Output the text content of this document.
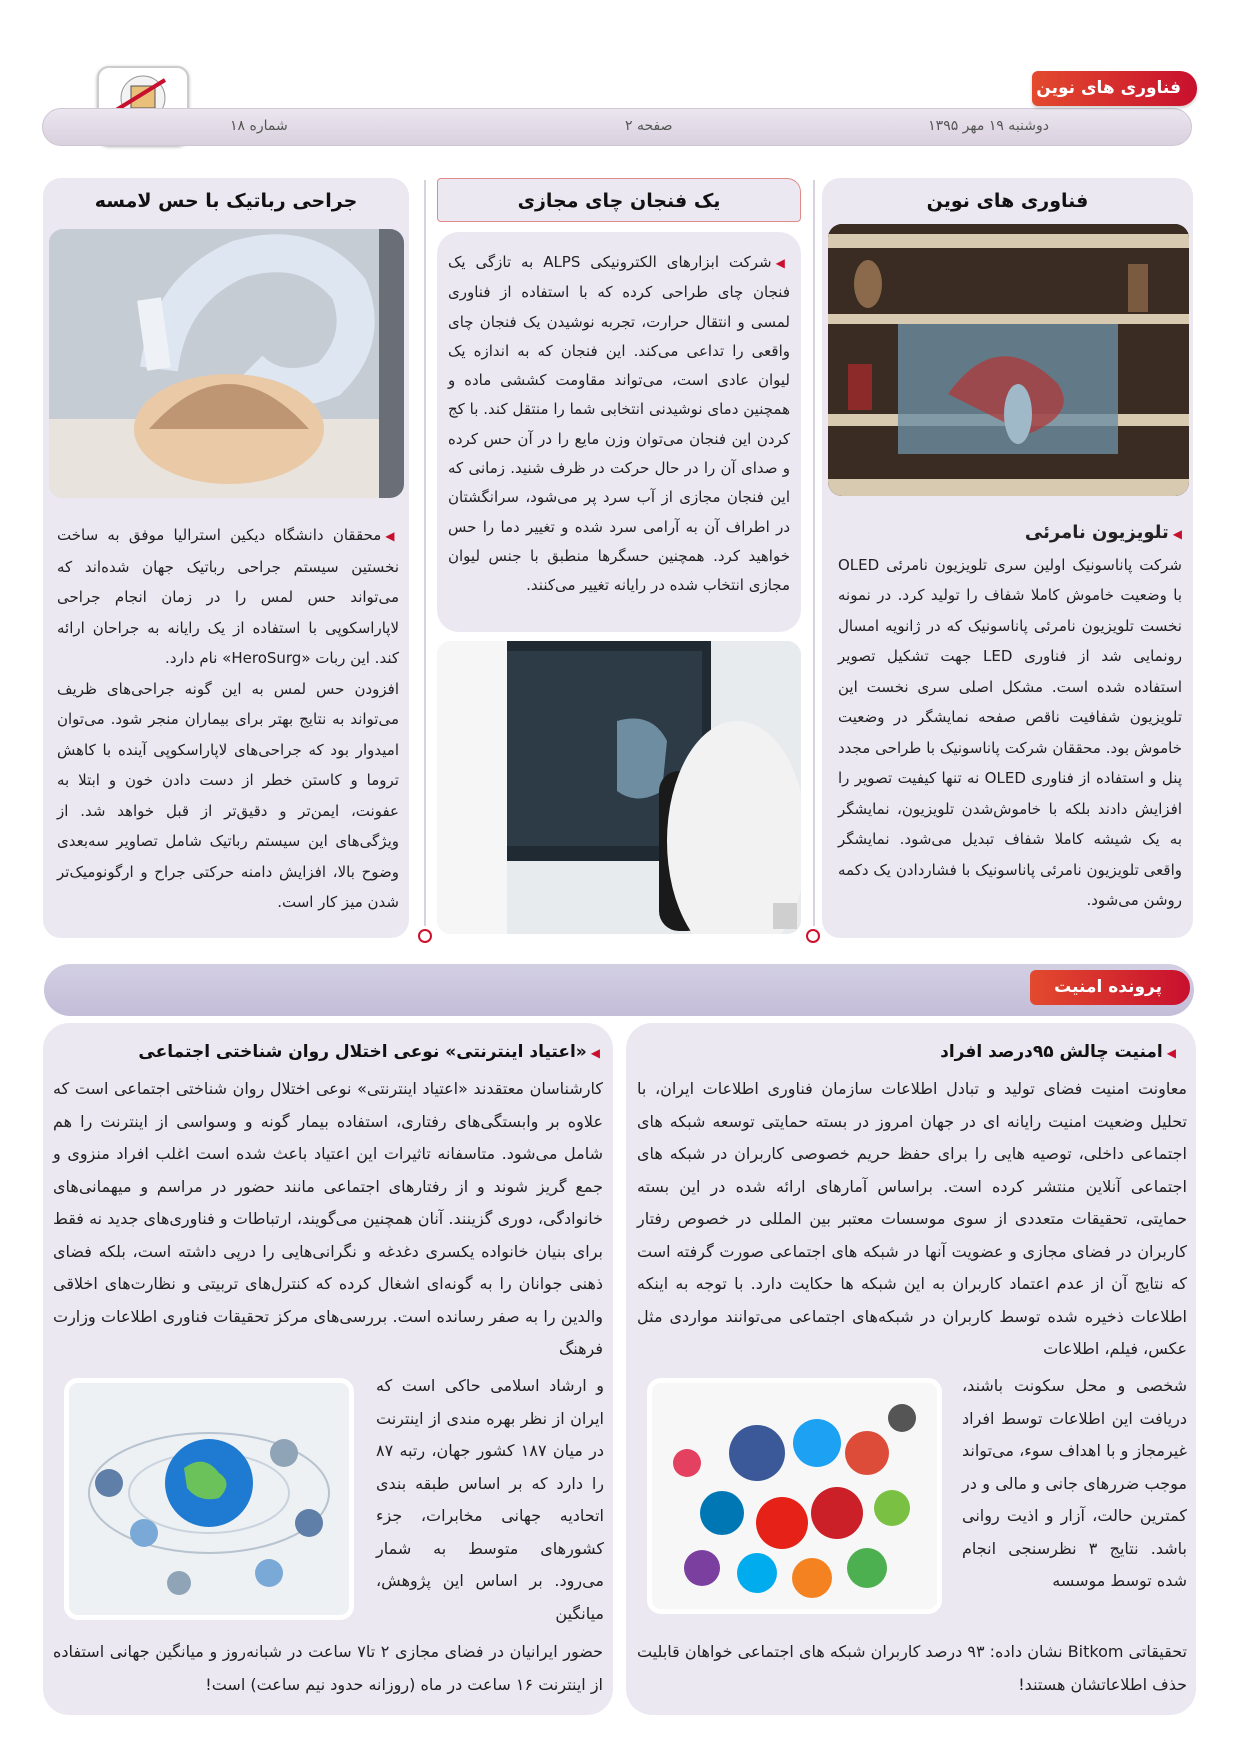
دوشنبه ۱۹ مهر ۱۳۹۵
صفحه ۲
شماره ۱۸
فناوری های نوین
فناوری های نوین

◀تلویزیون نامرئی

شرکت پاناسونیک اولین سری تلویزیون نامرئی OLED با وضعیت خاموش کاملا شفاف را تولید کرد. در نمونه نخست تلویزیون نامرئی پاناسونیک که در ژانویه امسال رونمایی شد از فناوری LED جهت تشکیل تصویر استفاده شده است. مشکل اصلی سری نخست این تلویزیون شفافیت ناقص صفحه نمایشگر در وضعیت خاموش بود. محققان شرکت پاناسونیک با طراحی مجدد پنل و استفاده از فناوری OLED نه تنها کیفیت تصویر را افزایش دادند بلکه با خاموش‌شدن تلویزیون، نمایشگر به یک شیشه کاملا شفاف تبدیل می‌شود. نمایشگر واقعی تلویزیون نامرئی پاناسونیک با فشاردادن یک دکمه روشن می‌شود.

یک فنجان چای مجازی

◀شرکت ابزارهای الکترونیکی ALPS به تازگی یک فنجان چای طراحی کرده که با استفاده از فناوری لمسی و انتقال حرارت، تجربه نوشیدن یک فنجان چای واقعی را تداعی می‌کند. این فنجان که به اندازه یک لیوان عادی است، می‌تواند مقاومت کششی ماده و همچنین دمای نوشیدنی انتخابی شما را منتقل کند. با کج کردن این فنجان می‌توان وزن مایع را در آن حس کرده و صدای آن را در حال حرکت در ظرف شنید. زمانی که این فنجان مجازی از آب سرد پر می‌شود، سرانگشتان در اطراف آن به آرامی سرد شده و تغییر دما را حس خواهید کرد. همچنین حسگرها منطبق با جنس لیوان مجازی انتخاب شده در رایانه تغییر می‌کنند.

جراحی رباتیک با حس لامسه

◀محققان دانشگاه دیکین استرالیا موفق به ساخت نخستین سیستم جراحی رباتیک جهان شده‌اند که می‌تواند حس لمس را در زمان انجام جراحی لاپاراسکوپی با استفاده از یک رایانه به جراحان ارائه کند. این ربات «HeroSurg» نام دارد.

افزودن حس لمس به این گونه جراحی‌های ظریف می‌تواند به نتایج بهتر برای بیماران منجر شود. می‌توان امیدوار بود که جراحی‌های لاپاراسکوپی آینده با کاهش تروما و کاستن خطر از دست دادن خون و ابتلا به عفونت، ایمن‌تر و دقیق‌تر از قبل خواهد شد. از ویژگی‌های این سیستم رباتیک شامل تصاویر سه‌بعدی وضوح بالا، افزایش دامنه حرکتی جراح و ارگونومیک‌تر شدن میز کار است.

پرونده امنیت
◀امنیت چالش ۹۵درصد افراد
معاونت امنیت فضای تولید و تبادل اطلاعات سازمان فناوری اطلاعات ایران، با تحلیل وضعیت امنیت رایانه ای در جهان امروز در بسته حمایتی توسعه شبکه های اجتماعی داخلی، توصیه هایی را برای حفظ حریم خصوصی کاربران در شبکه های اجتماعی آنلاین منتشر کرده است. براساس آمارهای ارائه شده در این بسته حمایتی، تحقیقات متعددی از سوی موسسات معتبر بین المللی در خصوص رفتار کاربران در فضای مجازی و عضویت آنها در شبکه های اجتماعی صورت گرفته است که نتایج آن از عدم اعتماد کاربران به این شبکه ها حکایت دارد. با توجه به اینکه اطلاعات ذخیره شده توسط کاربران در شبکه‌های اجتماعی می‌توانند مواردی مثل عکس، فیلم، اطلاعات
شخصی و محل سکونت باشند، دریافت این اطلاعات توسط افراد غیرمجاز و با اهداف سوء، می‌تواند موجب ضررهای جانی و مالی و در کمترین حالت، آزار و اذیت روانی باشد. نتایج ۳ نظرسنجی انجام شده توسط موسسه
تحقیقاتی Bitkom نشان داده: ۹۳ درصد کاربران شبکه های اجتماعی خواهان قابلیت حذف اطلاعاتشان هستند!
◀«اعتیاد اینترنتی» نوعی اختلال روان شناختی اجتماعی
کارشناسان معتقدند «اعتیاد اینترنتی» نوعی اختلال روان شناختی اجتماعی است که علاوه بر وابستگی‌های رفتاری، استفاده بیمار گونه و وسواسی از اینترنت را هم شامل می‌شود. متاسفانه تاثیرات این اعتیاد باعث شده است اغلب افراد منزوی و جمع گریز شوند و از رفتارهای اجتماعی مانند حضور در مراسم و میهمانی‌های خانوادگی، دوری گزینند. آنان همچنین می‌گویند، ارتباطات و فناوری‌های جدید نه فقط برای بنیان خانواده یکسری دغدغه و نگرانی‌هایی را درپی داشته است، بلکه فضای ذهنی جوانان را به گونه‌ای اشغال کرده که کنترل‌های تربیتی و نظارت‌های اخلاقی والدین را به صفر رسانده است. بررسی‌های مرکز تحقیقات فناوری اطلاعات وزارت فرهنگ
و ارشاد اسلامی حاکی است که ایران از نظر بهره مندی از اینترنت در میان ۱۸۷ کشور جهان، رتبه ۸۷ را دارد که بر اساس طبقه بندی اتحادیه جهانی مخابرات، جزء کشورهای متوسط به شمار می‌رود. بر اساس این پژوهش، میانگین
حضور ایرانیان در فضای مجازی ۲ تا۷ ساعت در شبانه‌روز و میانگین جهانی استفاده از اینترنت ۱۶ ساعت در ماه (روزانه حدود نیم ساعت) است!
